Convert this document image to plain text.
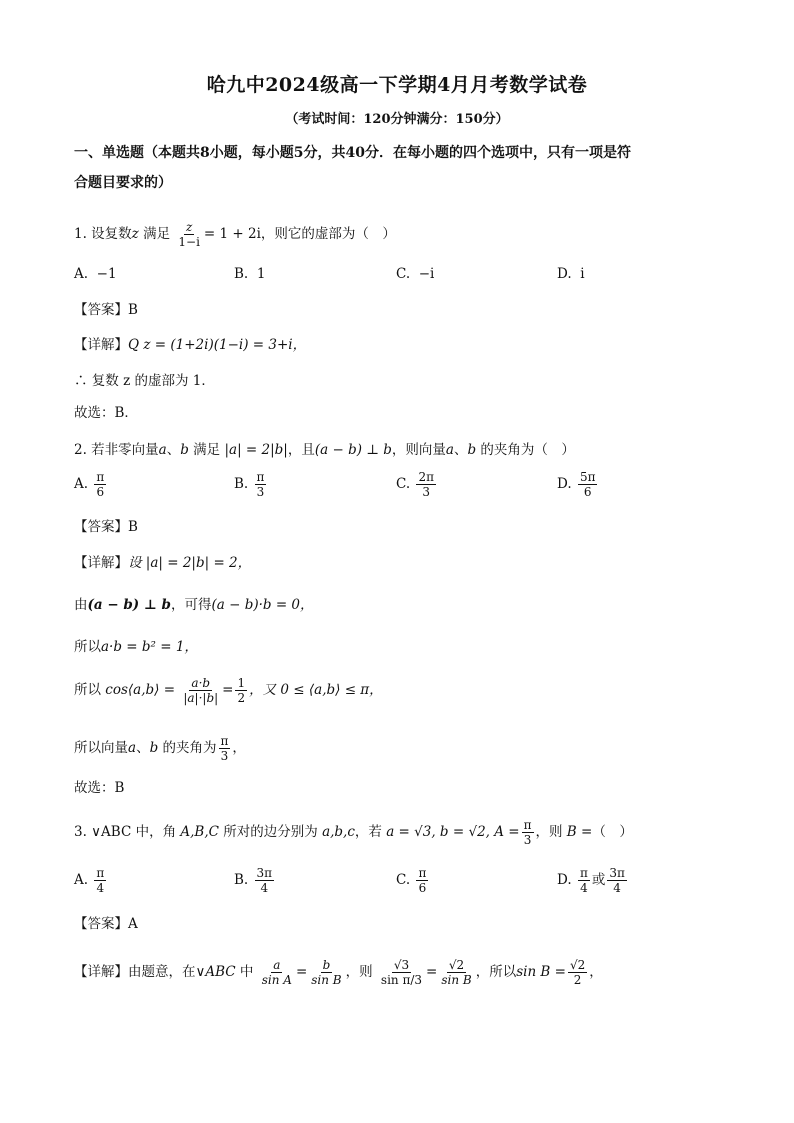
哈九中2024级高一下学期4月月考数学试卷
（考试时间：120分钟满分：150分）
一、单选题（本题共8小题，每小题5分，共40分．在每小题的四个选项中，只有一项是符
合题目要求的）
1. 设复数z 满足 $\frac{z}{1-i} = 1 + 2i$，则它的虚部为（　）
A. −1	B. 1	C. −i	D. i
【答案】B
【详解】Q z = (1+2i)(1−i) = 3+i，
∴ 复数 z 的虚部为 1．
故选：B．
2. 若非零向量a、b 满足 |a| = 2|b|，且(a − b) ⊥ b，则向量a、b 的夹角为（　）
A. $\frac{\pi}{6}$	B. $\frac{\pi}{3}$	C. $\frac{2\pi}{3}$	D. $\frac{5\pi}{6}$
【答案】B
【详解】设 |a| = 2|b| = 2，
由(a − b) ⊥ b，可得(a − b)·b = 0，
所以a·b = b² = 1，
所以 cos⟨a,b⟩ = $\frac{a\cdot b}{|a|\cdot|b|} = \frac{1}{2}$ ，又 0 ≤ ⟨a,b⟩ ≤ π，
所以向量a、b 的夹角为 $\frac{\pi}{3}$ ，
故选：B
3. ∨ABC 中，角 A,B,C 所对的边分别为 a,b,c，若 a = √3, b = √2, $A = \frac{\pi}{3}$ ，则 B =（　）
A. $\frac{\pi}{4}$	B. $\frac{3\pi}{4}$	C. $\frac{\pi}{6}$	D. $\frac{\pi}{4}$ 或 $\frac{3\pi}{4}$
【答案】A
【详解】由题意，在∨ABC 中 $\frac{a}{\text{sin A}} = \frac{b}{\text{sin B}}$ ，则 $\frac{√3}{\text{sin π/3}} = \frac{√2}{\text{sin B}}$ ，所以$\sin B = \frac{√2}{2}$ ，
